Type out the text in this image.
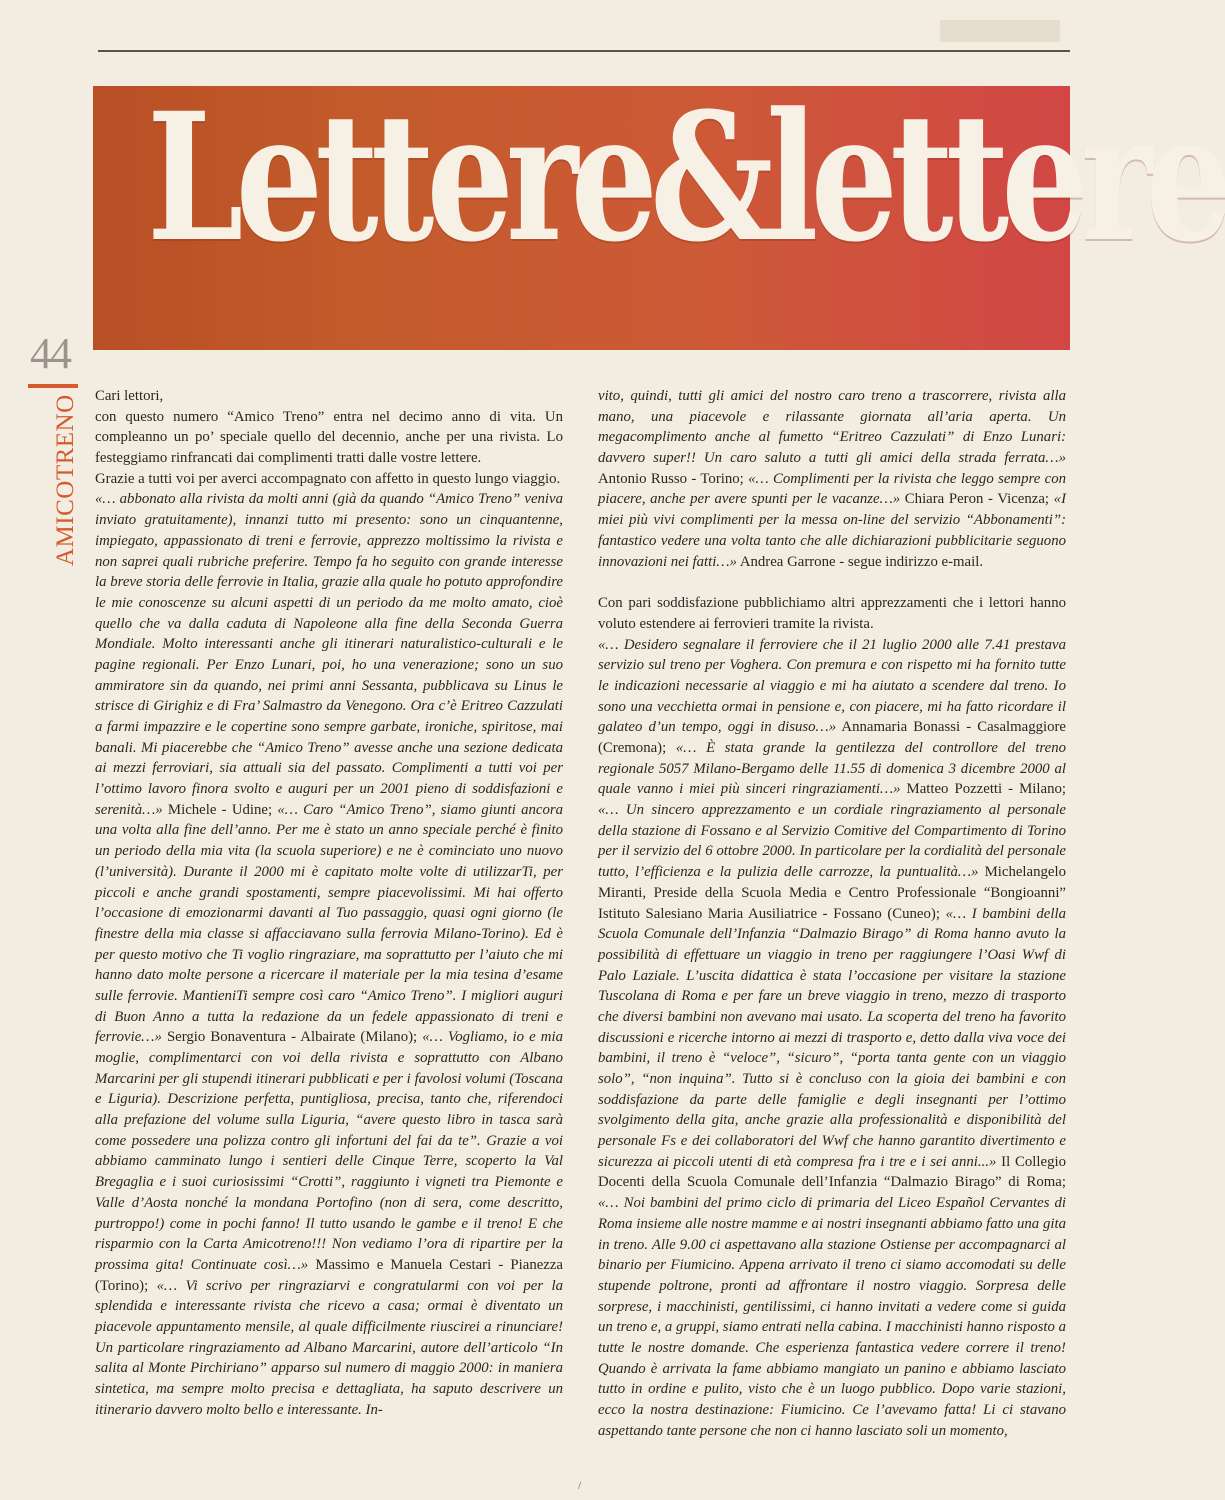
Lettere&lettere
44
AMICOTRENO Cari lettori,

con questo numero “Amico Treno” entra nel decimo anno di vita. Un compleanno un po’ speciale quello del decennio, anche per una rivista. Lo festeggiamo rinfrancati dai complimenti tratti dalle vostre lettere.

Grazie a tutti voi per averci accompagnato con affetto in questo lungo viaggio.

«… abbonato alla rivista da molti anni (già da quando “Amico Treno” veniva inviato gratuitamente), innanzi tutto mi presento: sono un cinquantenne, impiegato, appassionato di treni e ferrovie, apprezzo moltissimo la rivista e non saprei quali rubriche preferire. Tempo fa ho seguito con grande interesse la breve storia delle ferrovie in Italia, grazie alla quale ho potuto approfondire le mie conoscenze su alcuni aspetti di un periodo da me molto amato, cioè quello che va dalla caduta di Napoleone alla fine della Seconda Guerra Mondiale. Molto interessanti anche gli itinerari naturalistico-culturali e le pagine regionali. Per Enzo Lunari, poi, ho una venerazione; sono un suo ammiratore sin da quando, nei primi anni Sessanta, pubblicava su Linus le strisce di Girighiz e di Fra’ Salmastro da Venegono. Ora c’è Eritreo Cazzulati a farmi impazzire e le copertine sono sempre garbate, ironiche, spiritose, mai banali. Mi piacerebbe che “Amico Treno” avesse anche una sezione dedicata ai mezzi ferroviari, sia attuali sia del passato. Complimenti a tutti voi per l’ottimo lavoro finora svolto e auguri per un 2001 pieno di soddisfazioni e serenità…» Michele - Udine; «… Caro “Amico Treno”, siamo giunti ancora una volta alla fine dell’anno. Per me è stato un anno speciale perché è finito un periodo della mia vita (la scuola superiore) e ne è cominciato uno nuovo (l’università). Durante il 2000 mi è capitato molte volte di utilizzarTi, per piccoli e anche grandi spostamenti, sempre piacevolissimi. Mi hai offerto l’occasione di emozionarmi davanti al Tuo passaggio, quasi ogni giorno (le finestre della mia classe si affacciavano sulla ferrovia Milano-Torino). Ed è per questo motivo che Ti voglio ringraziare, ma soprattutto per l’aiuto che mi hanno dato molte persone a ricercare il materiale per la mia tesina d’esame sulle ferrovie. MantieniTi sempre così caro “Amico Treno”. I migliori auguri di Buon Anno a tutta la redazione da un fedele appassionato di treni e ferrovie…» Sergio Bonaventura - Albairate (Milano); «… Vogliamo, io e mia moglie, complimentarci con voi della rivista e soprattutto con Albano Marcarini per gli stupendi itinerari pubblicati e per i favolosi volumi (Toscana e Liguria). Descrizione perfetta, puntigliosa, precisa, tanto che, riferendoci alla prefazione del volume sulla Liguria, “avere questo libro in tasca sarà come possedere una polizza contro gli infortuni del fai da te”. Grazie a voi abbiamo camminato lungo i sentieri delle Cinque Terre, scoperto la Val Bregaglia e i suoi curiosissimi “Crotti”, raggiunto i vigneti tra Piemonte e Valle d’Aosta nonché la mondana Portofino (non di sera, come descritto, purtroppo!) come in pochi fanno! Il tutto usando le gambe e il treno! E che risparmio con la Carta Amicotreno!!! Non vediamo l’ora di ripartire per la prossima gita! Continuate così…» Massimo e Manuela Cestari - Pianezza (Torino); «… Vi scrivo per ringraziarvi e congratularmi con voi per la splendida e interessante rivista che ricevo a casa; ormai è diventato un piacevole appuntamento mensile, al quale difficilmente riuscirei a rinunciare! Un particolare ringraziamento ad Albano Marcarini, autore dell’articolo “In salita al Monte Pirchiriano” apparso sul numero di maggio 2000: in maniera sintetica, ma sempre molto precisa e dettagliata, ha saputo descrivere un itinerario davvero molto bello e interessante. In-

vito, quindi, tutti gli amici del nostro caro treno a trascorrere, rivista alla mano, una piacevole e rilassante giornata all’aria aperta. Un megacomplimento anche al fumetto “Eritreo Cazzulati” di Enzo Lunari: davvero super!! Un caro saluto a tutti gli amici della strada ferrata…» Antonio Russo - Torino; «… Complimenti per la rivista che leggo sempre con piacere, anche per avere spunti per le vacanze…» Chiara Peron - Vicenza; «I miei più vivi complimenti per la messa on-line del servizio “Abbonamenti”: fantastico vedere una volta tanto che alle dichiarazioni pubblicitarie seguono innovazioni nei fatti…» Andrea Garrone - segue indirizzo e-mail.

Con pari soddisfazione pubblichiamo altri apprezzamenti che i lettori hanno voluto estendere ai ferrovieri tramite la rivista.

«… Desidero segnalare il ferroviere che il 21 luglio 2000 alle 7.41 prestava servizio sul treno per Voghera. Con premura e con rispetto mi ha fornito tutte le indicazioni necessarie al viaggio e mi ha aiutato a scendere dal treno. Io sono una vecchietta ormai in pensione e, con piacere, mi ha fatto ricordare il galateo d’un tempo, oggi in disuso…» Annamaria Bonassi - Casalmaggiore (Cremona); «… È stata grande la gentilezza del controllore del treno regionale 5057 Milano-Bergamo delle 11.55 di domenica 3 dicembre 2000 al quale vanno i miei più sinceri ringraziamenti…» Matteo Pozzetti - Milano; «… Un sincero apprezzamento e un cordiale ringraziamento al personale della stazione di Fossano e al Servizio Comitive del Compartimento di Torino per il servizio del 6 ottobre 2000. In particolare per la cordialità del personale tutto, l’efficienza e la pulizia delle carrozze, la puntualità…» Michelangelo Miranti, Preside della Scuola Media e Centro Professionale “Bongioanni” Istituto Salesiano Maria Ausiliatrice - Fossano (Cuneo); «… I bambini della Scuola Comunale dell’Infanzia “Dalmazio Birago” di Roma hanno avuto la possibilità di effettuare un viaggio in treno per raggiungere l’Oasi Wwf di Palo Laziale. L’uscita didattica è stata l’occasione per visitare la stazione Tuscolana di Roma e per fare un breve viaggio in treno, mezzo di trasporto che diversi bambini non avevano mai usato. La scoperta del treno ha favorito discussioni e ricerche intorno ai mezzi di trasporto e, detto dalla viva voce dei bambini, il treno è “veloce”, “sicuro”, “porta tanta gente con un viaggio solo”, “non inquina”. Tutto si è concluso con la gioia dei bambini e con soddisfazione da parte delle famiglie e degli insegnanti per l’ottimo svolgimento della gita, anche grazie alla professionalità e disponibilità del personale Fs e dei collaboratori del Wwf che hanno garantito divertimento e sicurezza ai piccoli utenti di età compresa fra i tre e i sei anni...» Il Collegio Docenti della Scuola Comunale dell’Infanzia “Dalmazio Birago” di Roma; «… Noi bambini del primo ciclo di primaria del Liceo Español Cervantes di Roma insieme alle nostre mamme e ai nostri insegnanti abbiamo fatto una gita in treno. Alle 9.00 ci aspettavano alla stazione Ostiense per accompagnarci al binario per Fiumicino. Appena arrivato il treno ci siamo accomodati su delle stupende poltrone, pronti ad affrontare il nostro viaggio. Sorpresa delle sorprese, i macchinisti, gentilissimi, ci hanno invitati a vedere come si guida un treno e, a gruppi, siamo entrati nella cabina. I macchinisti hanno risposto a tutte le nostre domande. Che esperienza fantastica vedere correre il treno! Quando è arrivata la fame abbiamo mangiato un panino e abbiamo lasciato tutto in ordine e pulito, visto che è un luogo pubblico. Dopo varie stazioni, ecco la nostra destinazione: Fiumicino. Ce l’avevamo fatta! Li ci stavano aspettando tante persone che non ci hanno lasciato soli un momento,

/
